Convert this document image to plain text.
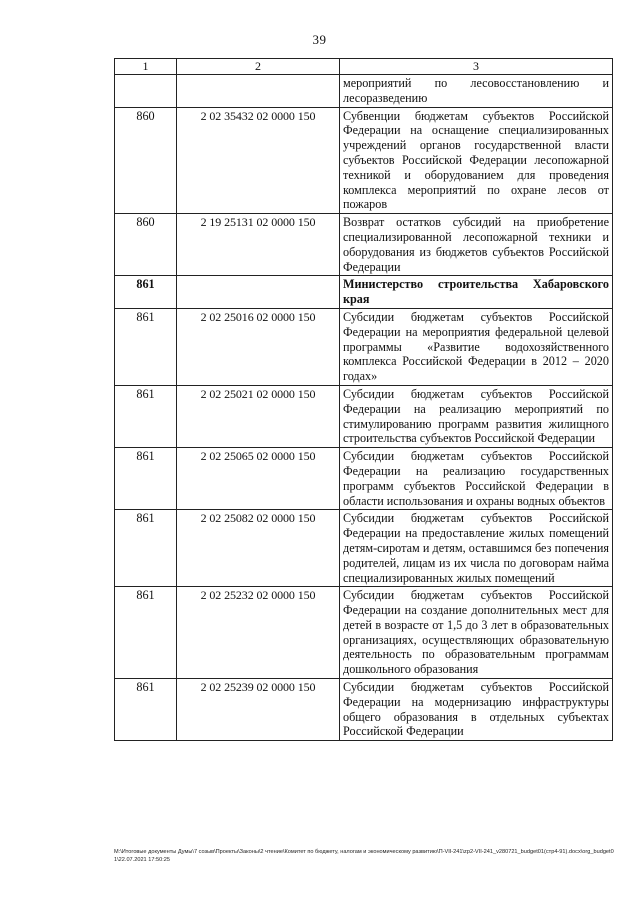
39
1	2	3
		мероприятий по лесовосстановлению и лесоразведению
860	2 02 35432 02 0000 150	Субвенции бюджетам субъектов Российской Федерации на оснащение специализированных учреждений органов государственной власти субъектов Российской Федерации лесопожарной техникой и оборудованием для проведения комплекса мероприятий по охране лесов от пожаров
860	2 19 25131 02 0000 150	Возврат остатков субсидий на приобретение специализированной лесопожарной техники и оборудования из бюджетов субъектов Российской Федерации
861		Министерство строительства Хабаровского края
861	2 02 25016 02 0000 150	Субсидии бюджетам субъектов Российской Федерации на мероприятия федеральной целевой программы «Развитие водохозяйственного комплекса Российской Федерации в 2012 – 2020 годах»
861	2 02 25021 02 0000 150	Субсидии бюджетам субъектов Российской Федерации на реализацию мероприятий по стимулированию программ развития жилищного строительства субъектов Российской Федерации
861	2 02 25065 02 0000 150	Субсидии бюджетам субъектов Российской Федерации на реализацию государственных программ субъектов Российской Федерации в области использования и охраны водных объектов
861	2 02 25082 02 0000 150	Субсидии бюджетам субъектов Российской Федерации на предоставление жилых помещений детям-сиротам и детям, оставшимся без попечения родителей, лицам из их числа по договорам найма специализированных жилых помещений
861	2 02 25232 02 0000 150	Субсидии бюджетам субъектов Российской Федерации на создание дополнительных мест для детей в возрасте от 1,5 до 3 лет в образовательных организациях, осуществляющих образовательную деятельность по образовательным программам дошкольного образования
861	2 02 25239 02 0000 150	Субсидии бюджетам субъектов Российской Федерации на модернизацию инфраструктуры общего образования в отдельных субъектах Российской Федерации
M:\Итоговые документы Думы\7 созыв\Проекты\Законы\2 чтение\Комитет по бюджету, налогам и экономическому развитию\П-VII-241\zp2-VII-241_v280721_budget01(стр4-91).docx\org_budget01\22.07.2021 17:50:25
